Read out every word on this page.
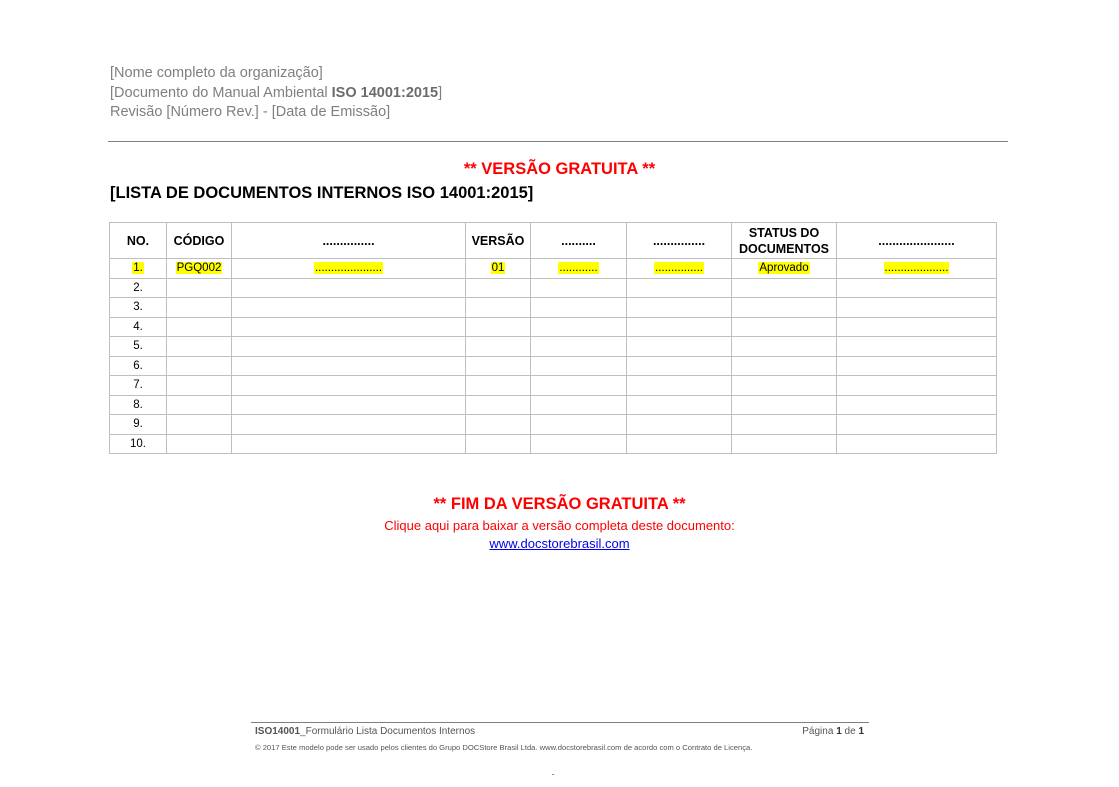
[Nome completo da organização]
[Documento do Manual Ambiental ISO 14001:2015]
Revisão [Número Rev.] - [Data de Emissão]
** VERSÃO GRATUITA **
[LISTA DE DOCUMENTOS INTERNOS ISO 14001:2015]
NO.	CÓDIGO	...............	VERSÃO	..........	...............	STATUS DO
DOCUMENTOS	......................
1.	PGQ002	.....................	01	............	...............	Aprovado	....................
2.							
3.							
4.							
5.							
6.							
7.							
8.							
9.							
10.							
** FIM DA VERSÃO GRATUITA **
Clique aqui para baixar a versão completa deste documento:
www.docstorebrasil.com
ISO14001_Formulário Lista Documentos Internos	Página 1 de 1
© 2017 Este modelo pode ser usado pelos clientes do Grupo DOCStore Brasil Ltda. www.docstorebrasil.com de acordo com o Contrato de Licença.
